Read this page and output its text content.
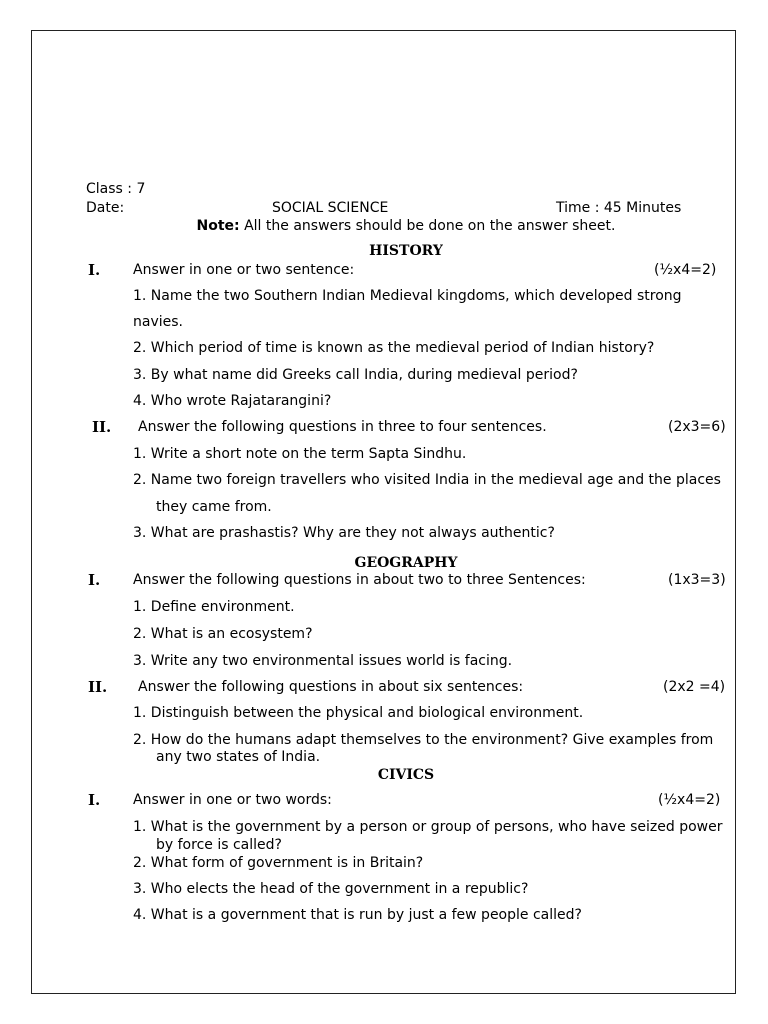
Class : 7
Date:	SOCIAL SCIENCE	Time : 45 Minutes
Note: All the answers should be done on the answer sheet.
HISTORY
I. Answer in one or two sentence:	(½x4=2)
1. Name the two Southern Indian Medieval kingdoms, which developed strong
navies.
2. Which period of time is known as the medieval period of Indian history?
3. By what name did Greeks call India, during medieval period?
4. Who wrote Rajatarangini?
II. Answer the following questions in three to four sentences.	(2x3=6)
1. Write a short note on the term Sapta Sindhu.
2. Name two foreign travellers who visited India in the medieval age and the places
they came from.
3. What are prashastis? Why are they not always authentic?
GEOGRAPHY
I. Answer the following questions in about two to three Sentences:	(1x3=3)
1. Define environment.
2. What is an ecosystem?
3. Write any two environmental issues world is facing.
II. Answer the following questions in about six sentences:	(2x2 =4)
1. Distinguish between the physical and biological environment.
2. How do the humans adapt themselves to the environment? Give examples from
any two states of India.
CIVICS
I. Answer in one or two words:	(½x4=2)
1. What is the government by a person or group of persons, who have seized power
by force is called?
2. What form of government is in Britain?
3. Who elects the head of the government in a republic?
4. What is a government that is run by just a few people called?
